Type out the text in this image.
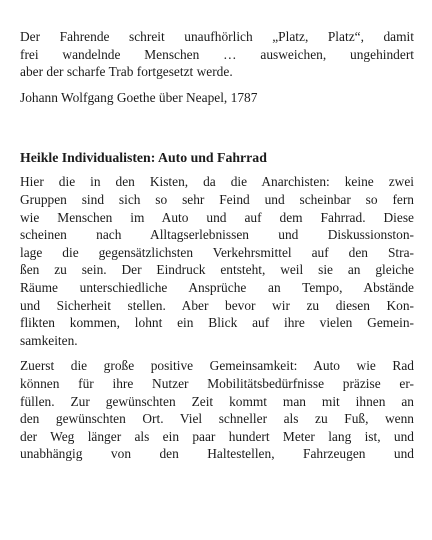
Der Fahrende schreit unaufhörlich „Platz, Platz“, damit
frei wandelnde Menschen … ausweichen, ungehindert
aber der scharfe Trab fortgesetzt werde.

Johann Wolfgang Goethe über Neapel, 1787

Heikle Individualisten: Auto und Fahrrad

Hier die in den Kisten, da die Anarchisten: keine zwei
Gruppen sind sich so sehr Feind und scheinbar so fern
wie Menschen im Auto und auf dem Fahrrad. Diese
scheinen nach Alltagserlebnissen und Diskussionston-
lage die gegensätzlichsten Verkehrsmittel auf den Stra-
ßen zu sein. Der Eindruck entsteht, weil sie an gleiche
Räume unterschiedliche Ansprüche an Tempo, Abstände
und Sicherheit stellen. Aber bevor wir zu diesen Kon-
flikten kommen, lohnt ein Blick auf ihre vielen Gemein-
samkeiten.

Zuerst die große positive Gemeinsamkeit: Auto wie Rad
können für ihre Nutzer Mobilitätsbedürfnisse präzise er-
füllen. Zur gewünschten Zeit kommt man mit ihnen an
den gewünschten Ort. Viel schneller als zu Fuß, wenn
der Weg länger als ein paar hundert Meter lang ist, und
unabhängig von den Haltestellen, Fahrzeugen und
